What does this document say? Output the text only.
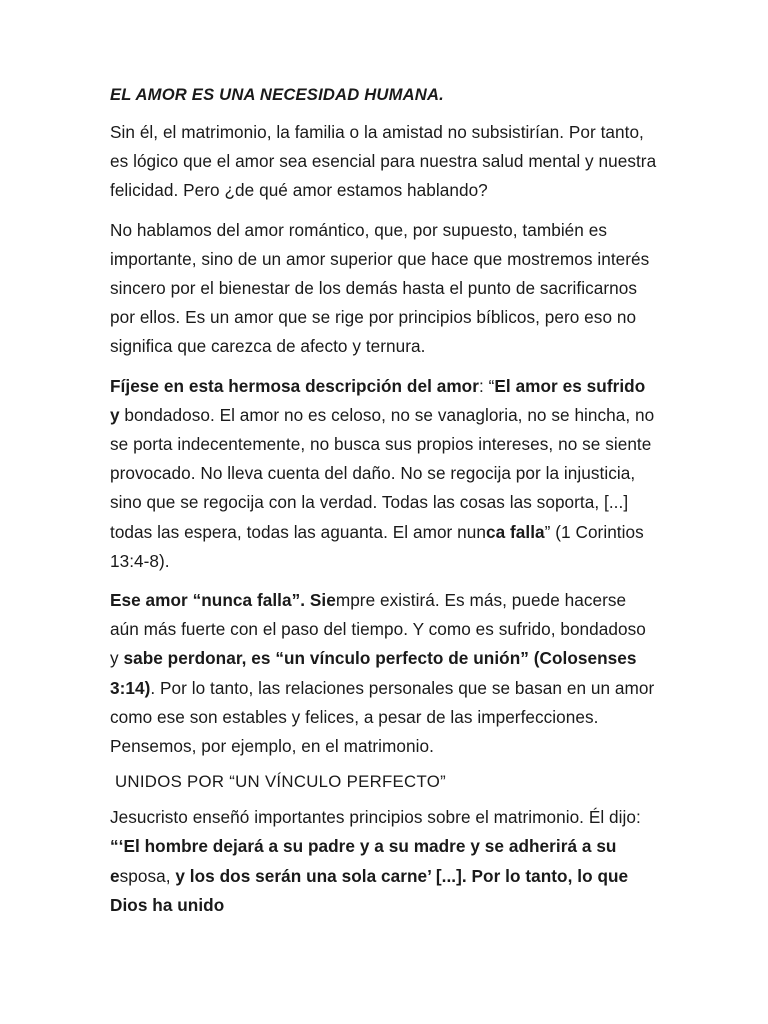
EL AMOR ES UNA NECESIDAD HUMANA.

Sin él, el matrimonio, la familia o la amistad no subsistirían. Por tanto, es lógico que el amor sea esencial para nuestra salud mental y nuestra felicidad. Pero ¿de qué amor estamos hablando?

No hablamos del amor romántico, que, por supuesto, también es importante, sino de un amor superior que hace que mostremos interés sincero por el bienestar de los demás hasta el punto de sacrificarnos por ellos. Es un amor que se rige por principios bíblicos, pero eso no significa que carezca de afecto y ternura.

Fíjese en esta hermosa descripción del amor: “El amor es sufrido y bondadoso. El amor no es celoso, no se vanagloria, no se hincha, no se porta indecentemente, no busca sus propios intereses, no se siente provocado. No lleva cuenta del daño. No se regocija por la injusticia, sino que se regocija con la verdad. Todas las cosas las soporta, [...] todas las espera, todas las aguanta. El amor nunca falla” (1 Corintios 13:4-8).

Ese amor “nunca falla”. Siempre existirá. Es más, puede hacerse aún más fuerte con el paso del tiempo. Y como es sufrido, bondadoso y sabe perdonar, es “un vínculo perfecto de unión” (Colosenses 3:14). Por lo tanto, las relaciones personales que se basan en un amor como ese son estables y felices, a pesar de las imperfecciones. Pensemos, por ejemplo, en el matrimonio.

UNIDOS POR “UN VÍNCULO PERFECTO”

Jesucristo enseñó importantes principios sobre el matrimonio. Él dijo: “‘El hombre dejará a su padre y a su madre y se adherirá a su esposa, y los dos serán una sola carne’ [...]. Por lo tanto, lo que Dios ha unido
